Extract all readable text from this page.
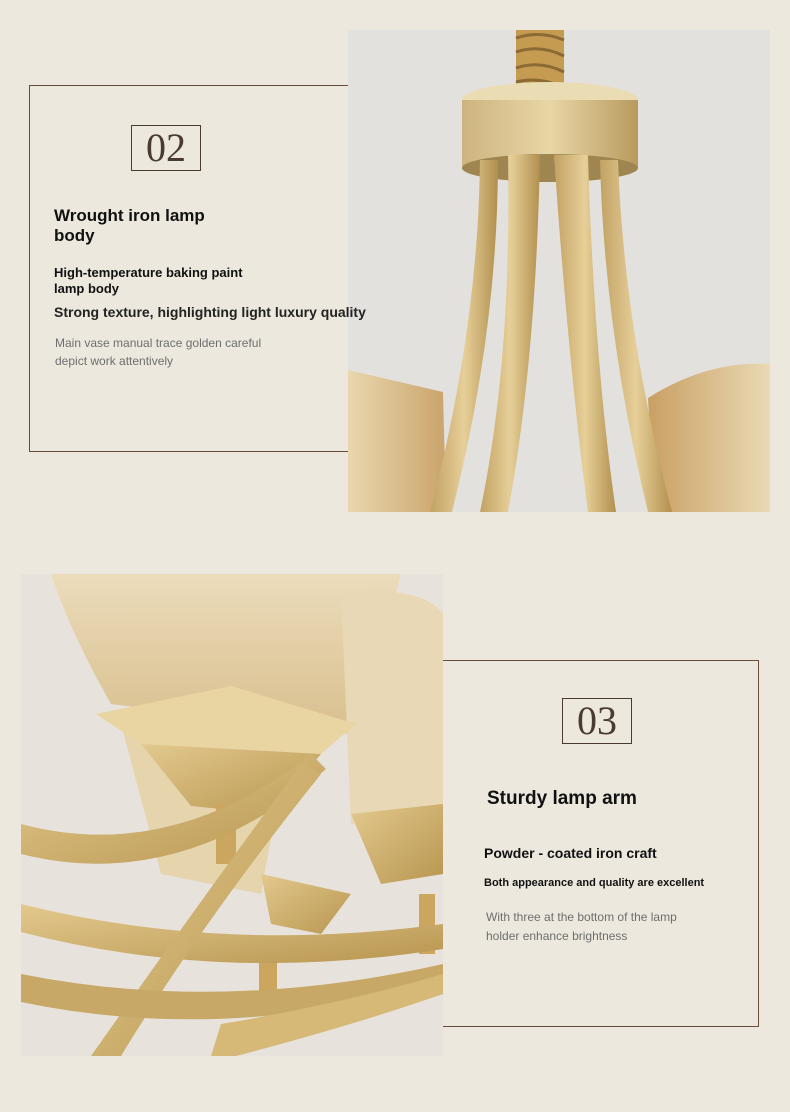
02
Wrought iron lamp body

High-temperature baking paint lamp body

Strong texture, highlighting light luxury quality

Main vase manual trace golden careful depict work attentively

03
Sturdy lamp arm

Powder - coated iron craft

Both appearance and quality are excellent

With three at the bottom of the lamp holder enhance brightness
